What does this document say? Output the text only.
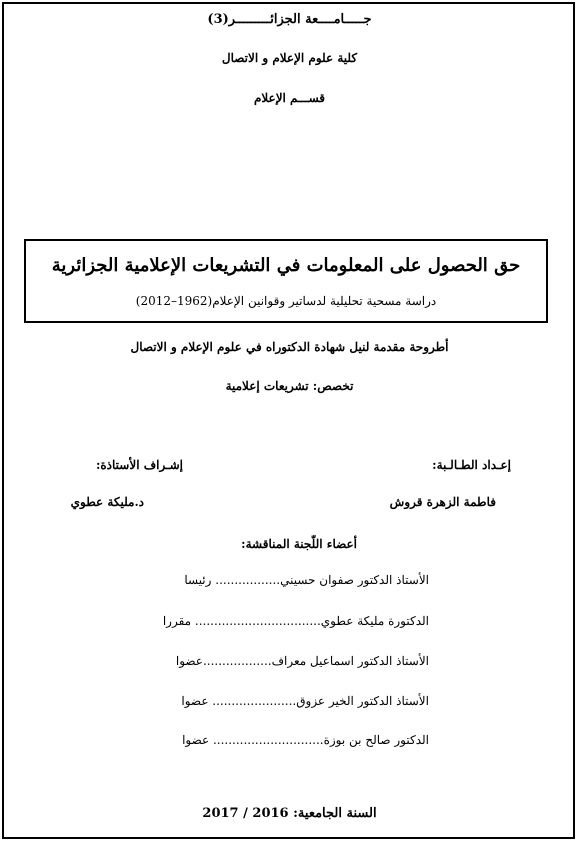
جـــــامــــعة الجزائـــــــــر(3)
كلية علوم الإعلام و الاتصال
قســـم الإعلام
حق الحصول على المعلومات في التشريعات الإعلامية الجزائرية
دراسة مسحية تحليلية لدساتير وقوانين الإعلام(1962–2012)
أطروحة مقدمة لنيل شهادة الدكتوراه في علوم الإعلام و الاتصال
تخصص: تشريعات إعلامية
إعـداد الطـالـبة:
إشـراف الأستاذة:
فاطمة الزهرة قروش
د.مليكة عطوي
أعضاء اللّجنة المناقشة:
الأستاذ الدكتور صفوان حسيني................. رئيسا
الدكتورة مليكة عطوي................................. مقررا
الأستاذ الدكتور اسماعيل معراف..................عضوا
الأستاذ الدكتور الخير عزوق...................... عضوا
الدكتور صالح بن بوزة............................. عضوا
السنة الجامعية: 2016 / 2017
